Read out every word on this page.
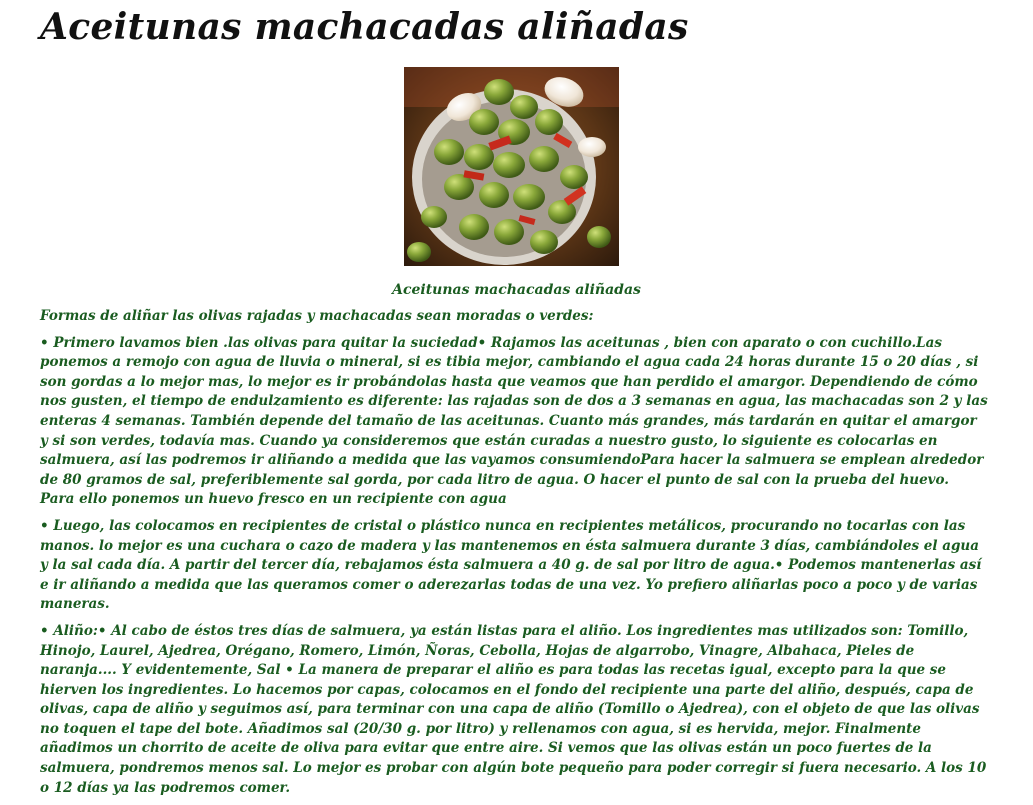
Aceitunas machacadas aliñadas
Aceitunas machacadas aliñadas

Formas de aliñar las olivas rajadas y machacadas sean moradas o verdes:

• Primero lavamos bien .las olivas para quitar la suciedad• Rajamos las aceitunas , bien con aparato o con cuchillo.Las ponemos a remojo con agua de lluvia o mineral, si es tibia mejor, cambiando el agua cada 24 horas durante 15 o 20 días , si son gordas a lo mejor mas, lo mejor es ir probándolas hasta que veamos que han perdido el amargor. Dependiendo de cómo nos gusten, el tiempo de endulzamiento es diferente: las rajadas son de dos a 3 semanas en agua, las machacadas son 2 y las enteras 4 semanas. También depende del tamaño de las aceitunas. Cuanto más grandes, más tardarán en quitar el amargor y si son verdes, todavía mas. Cuando ya consideremos que están curadas a nuestro gusto, lo siguiente es colocarlas en salmuera, así las podremos ir aliñando a medida que las vayamos consumiendoPara hacer la salmuera se emplean alrededor de 80 gramos de sal, preferiblemente sal gorda, por cada litro de agua. O hacer el punto de sal con la prueba del huevo. Para ello ponemos un huevo fresco en un recipiente con agua

• Luego, las colocamos en recipientes de cristal o plástico nunca en recipientes metálicos, procurando no tocarlas con las manos. lo mejor es una cuchara o cazo de madera y las mantenemos en ésta salmuera durante 3 días, cambiándoles el agua y la sal cada día. A partir del tercer día, rebajamos ésta salmuera a 40 g. de sal por litro de agua.• Podemos mantenerlas así e ir aliñando a medida que las queramos comer o aderezarlas todas de una vez. Yo prefiero aliñarlas poco a poco y de varias maneras.

• Aliño:• Al cabo de éstos tres días de salmuera, ya están listas para el aliño. Los ingredientes mas utilizados son: Tomillo, Hinojo, Laurel, Ajedrea, Orégano, Romero, Limón, Ñoras, Cebolla, Hojas de algarrobo, Vinagre, Albahaca, Pieles de naranja.... Y evidentemente, Sal • La manera de preparar el aliño es para todas las recetas igual, excepto para la que se hierven los ingredientes. Lo hacemos por capas, colocamos en el fondo del recipiente una parte del aliño, después, capa de olivas, capa de aliño y seguimos así, para terminar con una capa de aliño (Tomillo o Ajedrea), con el objeto de que las olivas no toquen el tape del bote. Añadimos sal (20/30 g. por litro) y rellenamos con agua, si es hervida, mejor. Finalmente añadimos un chorrito de aceite de oliva para evitar que entre aire. Si vemos que las olivas están un poco fuertes de la salmuera, pondremos menos sal. Lo mejor es probar con algún bote pequeño para poder corregir si fuera necesario. A los 10 o 12 días ya las podremos comer.
